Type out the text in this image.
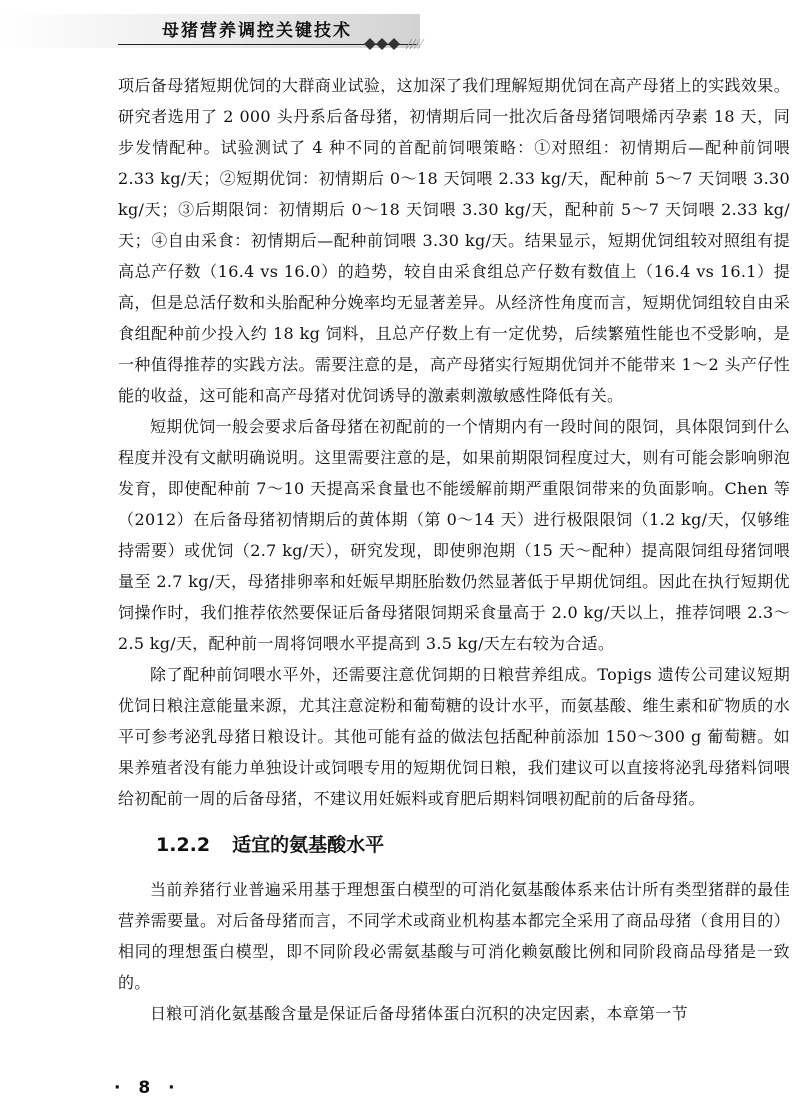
母猪营养调控关键技术

项后备母猪短期优饲的大群商业试验，这加深了我们理解短期优饲在高产母猪上的实践效果。研究者选用了 2 000 头丹系后备母猪，初情期后同一批次后备母猪饲喂烯丙孕素 18 天，同步发情配种。试验测试了 4 种不同的首配前饲喂策略：①对照组：初情期后—配种前饲喂 2.33 kg/天；②短期优饲：初情期后 0～18 天饲喂 2.33 kg/天，配种前 5～7 天饲喂 3.30 kg/天；③后期限饲：初情期后 0～18 天饲喂 3.30 kg/天，配种前 5～7 天饲喂 2.33 kg/天；④自由采食：初情期后—配种前饲喂 3.30 kg/天。结果显示，短期优饲组较对照组有提高总产仔数（16.4 vs 16.0）的趋势，较自由采食组总产仔数有数值上（16.4 vs 16.1）提高，但是总活仔数和头胎配种分娩率均无显著差异。从经济性角度而言，短期优饲组较自由采食组配种前少投入约 18 kg 饲料，且总产仔数上有一定优势，后续繁殖性能也不受影响，是一种值得推荐的实践方法。需要注意的是，高产母猪实行短期优饲并不能带来 1～2 头产仔性能的收益，这可能和高产母猪对优饲诱导的激素刺激敏感性降低有关。

短期优饲一般会要求后备母猪在初配前的一个情期内有一段时间的限饲，具体限饲到什么程度并没有文献明确说明。这里需要注意的是，如果前期限饲程度过大，则有可能会影响卵泡发育，即使配种前 7～10 天提高采食量也不能缓解前期严重限饲带来的负面影响。Chen 等（2012）在后备母猪初情期后的黄体期（第 0～14 天）进行极限限饲（1.2 kg/天，仅够维持需要）或优饲（2.7 kg/天），研究发现，即使卵泡期（15 天～配种）提高限饲组母猪饲喂量至 2.7 kg/天，母猪排卵率和妊娠早期胚胎数仍然显著低于早期优饲组。因此在执行短期优饲操作时，我们推荐依然要保证后备母猪限饲期采食量高于 2.0 kg/天以上，推荐饲喂 2.3～2.5 kg/天，配种前一周将饲喂水平提高到 3.5 kg/天左右较为合适。

除了配种前饲喂水平外，还需要注意优饲期的日粮营养组成。Topigs 遗传公司建议短期优饲日粮注意能量来源，尤其注意淀粉和葡萄糖的设计水平，而氨基酸、维生素和矿物质的水平可参考泌乳母猪日粮设计。其他可能有益的做法包括配种前添加 150～300 g 葡萄糖。如果养殖者没有能力单独设计或饲喂专用的短期优饲日粮，我们建议可以直接将泌乳母猪料饲喂给初配前一周的后备母猪，不建议用妊娠料或育肥后期料饲喂初配前的后备母猪。

1.2.2 适宜的氨基酸水平

当前养猪行业普遍采用基于理想蛋白模型的可消化氨基酸体系来估计所有类型猪群的最佳营养需要量。对后备母猪而言，不同学术或商业机构基本都完全采用了商品母猪（食用目的）相同的理想蛋白模型，即不同阶段必需氨基酸与可消化赖氨酸比例和同阶段商品母猪是一致的。

日粮可消化氨基酸含量是保证后备母猪体蛋白沉积的决定因素，本章第一节

· 8 ·
